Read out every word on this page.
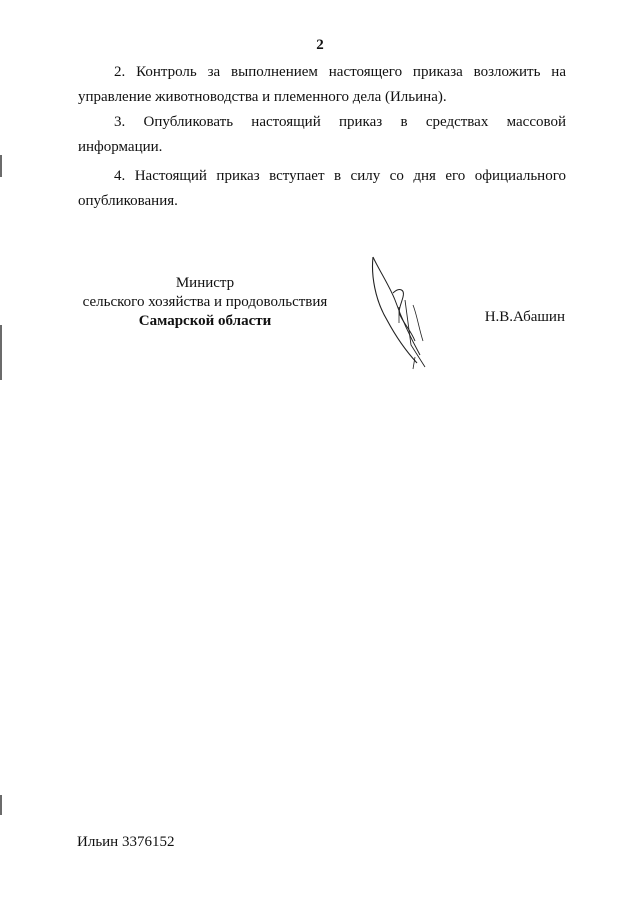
2

2. Контроль за выполнением настоящего приказа возложить на управление животноводства и племенного дела (Ильина).

3. Опубликовать настоящий приказ в средствах массовой информации.

4. Настоящий приказ вступает в силу со дня его официального опубликования.

Министр
сельского хозяйства и продовольствия
Самарской области	Н.В.Абашин
Ильин 3376152
